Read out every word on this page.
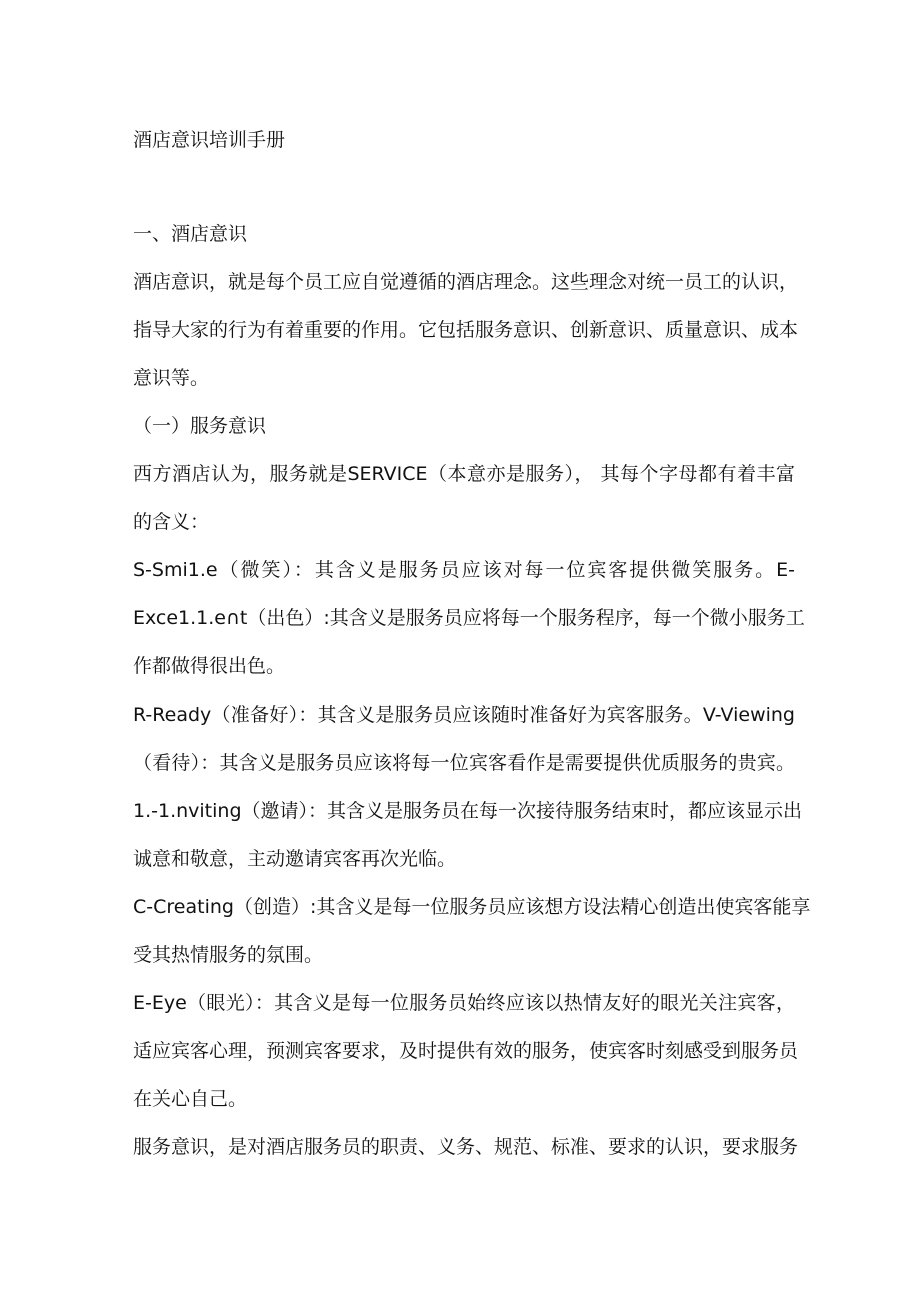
酒店意识培训手册
一、酒店意识
酒店意识，就是每个员工应自觉遵循的酒店理念。这些理念对统一员工的认识，
指导大家的行为有着重要的作用。它包括服务意识、创新意识、质量意识、成本
意识等。
（一）服务意识
西方酒店认为，服务就是SERVICE（本意亦是服务）， 其每个字母都有着丰富
的含义：
S-Smi1.e（微笑）：其含义是服务员应该对每一位宾客提供微笑服务。E-
Exce1.1.e∩t（出色）:其含义是服务员应将每一个服务程序，每一个微小服务工
作都做得很出色。
R-Ready（准备好）：其含义是服务员应该随时准备好为宾客服务。V-Viewing
（看待）：其含义是服务员应该将每一位宾客看作是需要提供优质服务的贵宾。
1.-1.nviting（邀请）：其含义是服务员在每一次接待服务结束时，都应该显示出
诚意和敬意，主动邀请宾客再次光临。
C-Creating（创造）:其含义是每一位服务员应该想方设法精心创造出使宾客能享
受其热情服务的氛围。
E-Eye（眼光）：其含义是每一位服务员始终应该以热情友好的眼光关注宾客，
适应宾客心理，预测宾客要求，及时提供有效的服务，使宾客时刻感受到服务员
在关心自己。
服务意识，是对酒店服务员的职责、义务、规范、标准、要求的认识，要求服务
